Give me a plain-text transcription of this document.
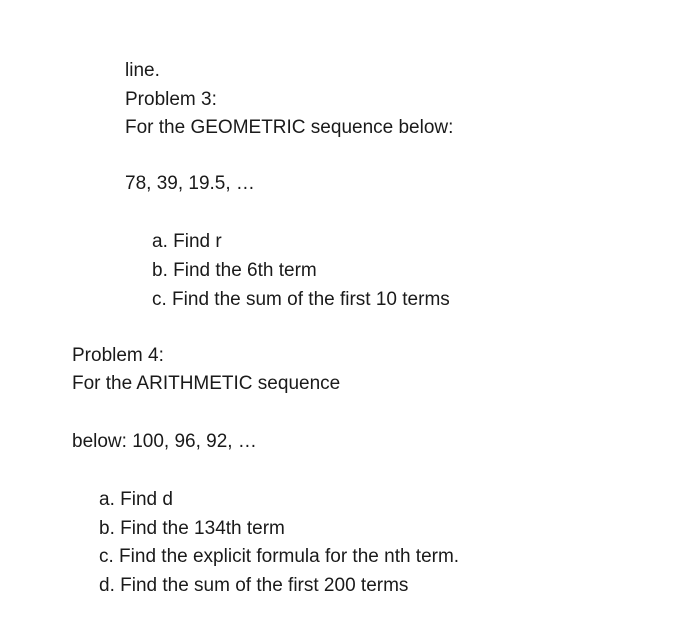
line.
Problem 3:
For the GEOMETRIC sequence below:
78, 39, 19.5, …
a. Find r
b. Find the 6th term
c. Find the sum of the first 10 terms
Problem 4:
For the ARITHMETIC sequence
below: 100, 96, 92, …
a. Find d
b. Find the 134th term
c. Find the explicit formula for the nth term.
d. Find the sum of the first 200 terms
